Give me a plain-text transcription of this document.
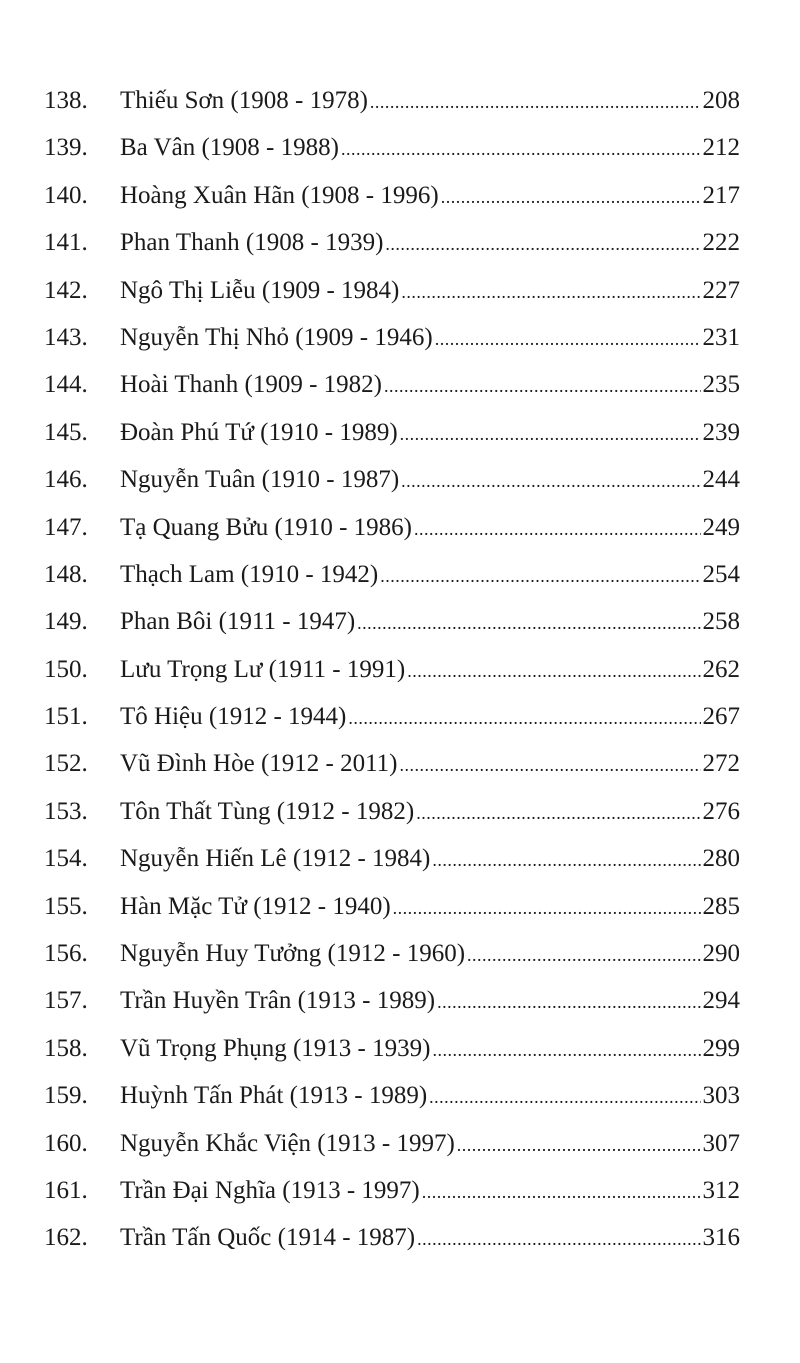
138.	Thiếu Sơn (1908 - 1978) .....	208
139.	Ba Vân (1908 - 1988) .....	212
140.	Hoàng Xuân Hãn (1908 - 1996) .....	217
141.	Phan Thanh (1908 - 1939) .....	222
142.	Ngô Thị Liễu (1909 - 1984) .....	227
143.	Nguyễn Thị Nhỏ (1909 - 1946) .....	231
144.	Hoài Thanh (1909 - 1982) .....	235
145.	Đoàn Phú Tứ (1910 - 1989) .....	239
146.	Nguyễn Tuân (1910 - 1987) .....	244
147.	Tạ Quang Bửu (1910 - 1986) .....	249
148.	Thạch Lam (1910 - 1942) .....	254
149.	Phan Bôi (1911 - 1947) .....	258
150.	Lưu Trọng Lư (1911 - 1991) .....	262
151.	Tô Hiệu (1912 - 1944) .....	267
152.	Vũ Đình Hòe (1912 - 2011) .....	272
153.	Tôn Thất Tùng (1912 - 1982) .....	276
154.	Nguyễn Hiến Lê (1912 - 1984) .....	280
155.	Hàn Mặc Tử (1912 - 1940) .....	285
156.	Nguyễn Huy Tưởng (1912 - 1960) .....	290
157.	Trần Huyền Trân (1913 - 1989) .....	294
158.	Vũ Trọng Phụng (1913 - 1939) .....	299
159.	Huỳnh Tấn Phát (1913 - 1989) .....	303
160.	Nguyễn Khắc Viện (1913 - 1997) .....	307
161.	Trần Đại Nghĩa (1913 - 1997) .....	312
162.	Trần Tấn Quốc (1914 - 1987) .....	316
